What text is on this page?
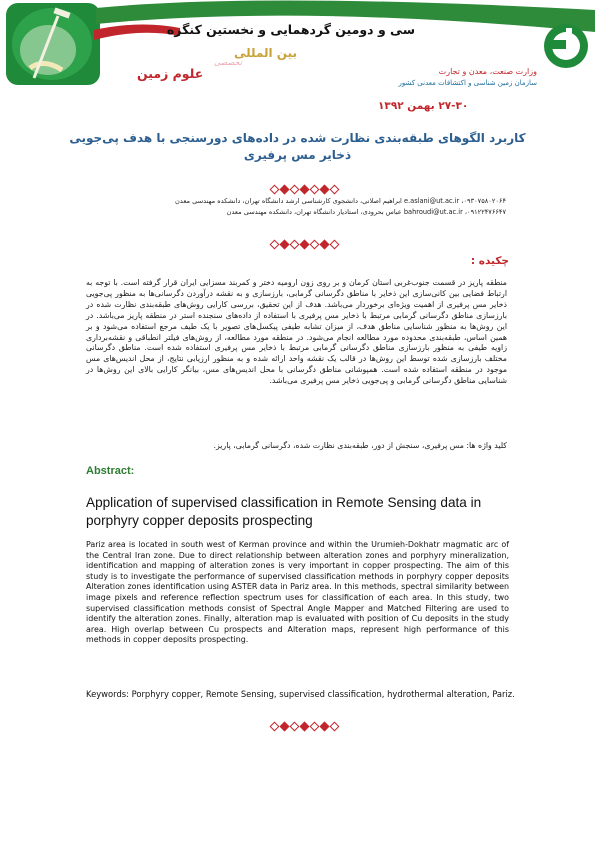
سی و دومین گردهمایی و نخستین کنگره
بین المللی
تخصصی
علوم زمین	وزارت صنعت، معدن و تجارت
سازمان زمین شناسی و اکتشافات معدنی کشور
۲۷-۳۰ بهمن ۱۳۹۲
کاربرد الگوهای طبقه‌بندی نظارت شده در داده‌های دورسنجی با هدف پی‌جویی ذخایر مس پرفیری
e.aslani@ut.ac.ir ،۰۹۳۰۷۵۸۰۲۰۶۴ ابراهیم اصلانی، دانشجوی کارشناسی ارشد دانشگاه تهران، دانشکده مهندسی معدن
bahroudi@ut.ac.ir ،۰۹۱۲۲۴۷۶۶۴۷ عباس بحرودی، استادیار دانشگاه تهران، دانشکده مهندسی معدن
چکیده :
منطقه پاریز در قسمت جنوب‌غربی استان کرمان و بر روی زون ارومیه دختر و کمربند مسزایی ایران قرار گرفته است. با توجه به ارتباط فضایی بین کانی‌سازی این ذخایر با مناطق دگرسانی گرمابی، بارزسازی و به نقشه درآوردن دگرسانی‌ها به منظور پی‌جویی ذخایر مس پرفیری از اهمیت ویژه‌ای برخوردار می‌باشد. هدف از این تحقیق، بررسی کارایی روش‌های طبقه‌بندی نظارت شده در بارزسازی مناطق دگرسانی گرمابی مرتبط با ذخایر مس پرفیری با استفاده از داده‌های سنجنده استر در منطقه پاریز می‌باشد. در این روش‌ها به منظور شناسایی مناطق هدف، از میزان تشابه طیفی پیکسل‌های تصویر با یک طیف مرجع استفاده می‌شود و بر همین اساس، طبقه‌بندی محدوده مورد مطالعه انجام می‌شود. در منطقه مورد مطالعه، از روش‌های فیلتر انطباقی و نقشه‌برداری زاویه طیفی به منظور بارزسازی مناطق دگرسانی گرمابی مرتبط با ذخایر مس پرفیری استفاده شده است. مناطق دگرسانی مختلف بارزسازی شده توسط این روش‌ها در قالب یک نقشه واحد ارائه شده و به منظور ارزیابی نتایج، از محل اندیس‌های مس موجود در منطقه استفاده شده است. همپوشانی مناطق دگرسانی با محل اندیس‌های مس، بیانگر کارایی بالای این روش‌ها در شناسایی مناطق دگرسانی گرمابی و پی‌جویی ذخایر مس پرفیری می‌باشد.
کلید واژه ها: مس پرفیری، سنجش از دور، طبقه‌بندی نظارت شده، دگرسانی گرمابی، پاریز.
Abstract:
Application of supervised classification in Remote Sensing data in porphyry copper deposits prospecting
Pariz area is located in south west of Kerman province and within the Urumieh-Dokhatr magmatic arc of the Central Iran zone. Due to direct relationship between alteration zones and porphyry mineralization, identification and mapping of alteration zones is very important in copper prospecting. The aim of this study is to investigate the performance of supervised classification methods in porphyry copper deposits Alteration zones identification using ASTER data in Pariz area. In this methods, spectral similarity between image pixels and reference reflection spectrum uses for classification of each area. In this study, two supervised classification methods consist of Spectral Angle Mapper and Matched Filtering are used to identify the alteration zones. Finally, alteration map is evaluated with position of Cu deposits in the study area. High overlap between Cu prospects and Alteration maps, represent high performance of this methods in copper deposits prospecting.
Keywords: Porphyry copper, Remote Sensing, supervised classification, hydrothermal alteration, Pariz.
